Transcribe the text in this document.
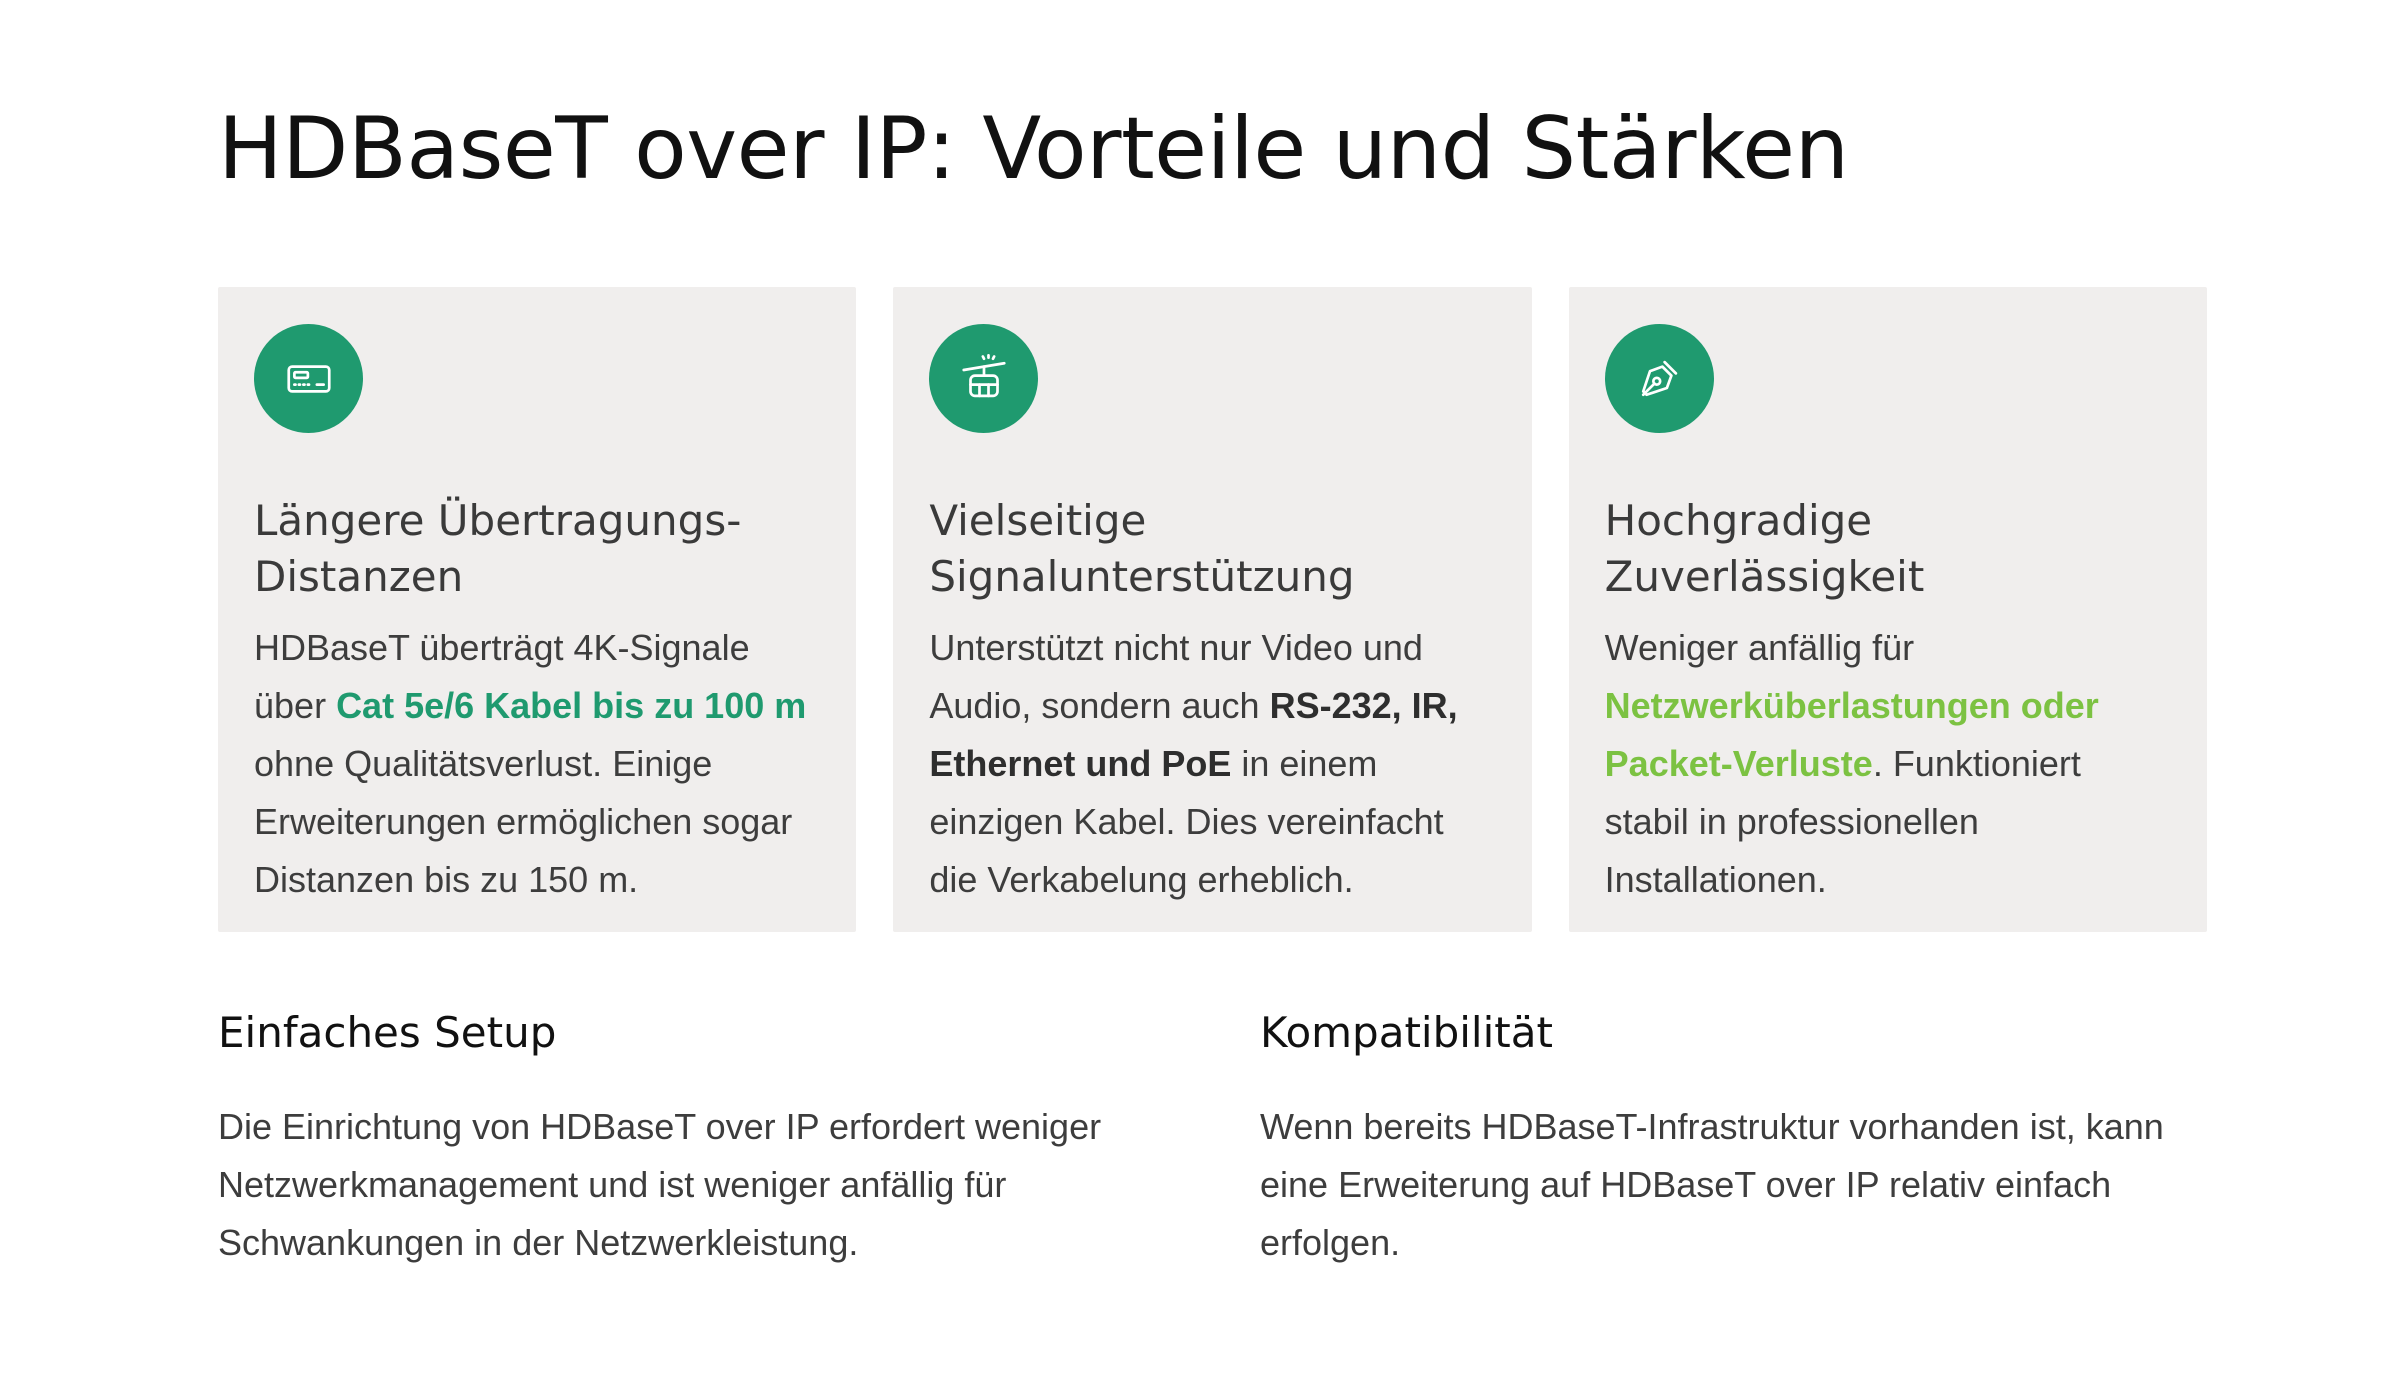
HDBaseT over IP: Vorteile und Stärken
Längere Übertragungs-Distanzen

HDBaseT überträgt 4K-Signale über Cat 5e/6 Kabel bis zu 100 m ohne Qualitätsverlust. Einige Erweiterungen ermöglichen sogar Distanzen bis zu 150 m.

Vielseitige Signalunterstützung

Unterstützt nicht nur Video und Audio, sondern auch RS-232, IR, Ethernet und PoE in einem einzigen Kabel. Dies vereinfacht die Verkabelung erheblich.

Hochgradige Zuverlässigkeit

Weniger anfällig für Netzwerküberlastungen oder Packet-Verluste. Funktioniert stabil in professionellen Installationen.

Einfaches Setup

Die Einrichtung von HDBaseT over IP erfordert weniger Netzwerkmanagement und ist weniger anfällig für Schwankungen in der Netzwerkleistung.

Kompatibilität

Wenn bereits HDBaseT-Infrastruktur vorhanden ist, kann eine Erweiterung auf HDBaseT over IP relativ einfach erfolgen.
